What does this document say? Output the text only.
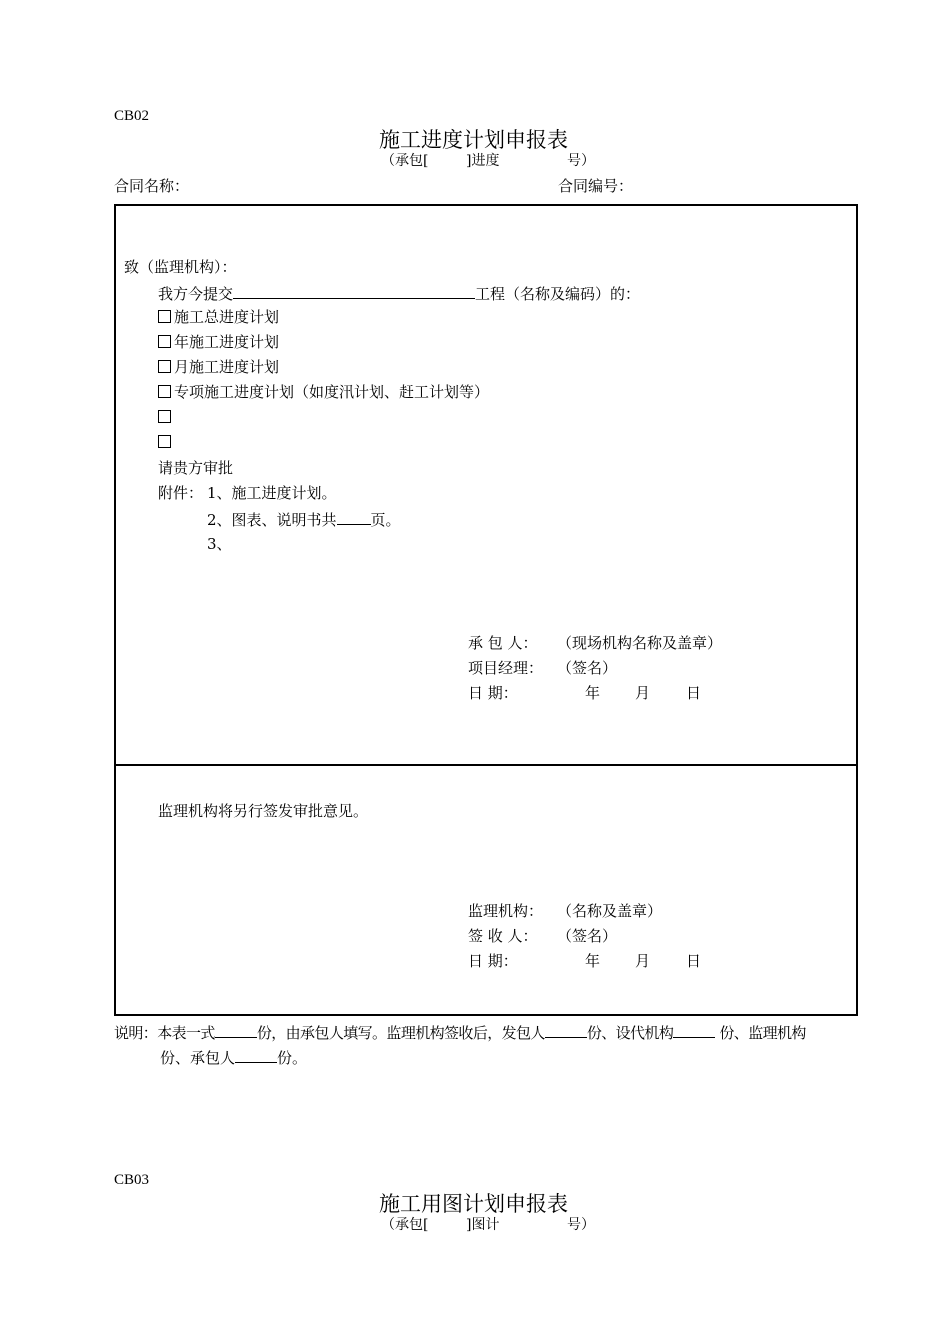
CB02
施工进度计划申报表
（承包[	]进度	号）
合同名称：	合同编号：
致（监理机构）：
我方今提交	工程（名称及编码）的：
施工总进度计划
年施工进度计划
月施工进度计划
专项施工进度计划（如度汛计划、赶工计划等）
请贵方审批
附件： 1、施工进度计划。
2、图表、说明书共 页。
3、
承 包 人： （现场机构名称及盖章）
项目经理： （签名）
日 期：	年 月 日
监理机构将另行签发审批意见。
监理机构： （名称及盖章）
签 收 人： （签名）
日 期：	年 月 日
说明：本表一式	份，由承包人填写。监理机构签收后，发包人	份、设代机构	份、监理机构
份、承包人	份。
CB03
施工用图计划申报表
（承包[	]图计	号）
